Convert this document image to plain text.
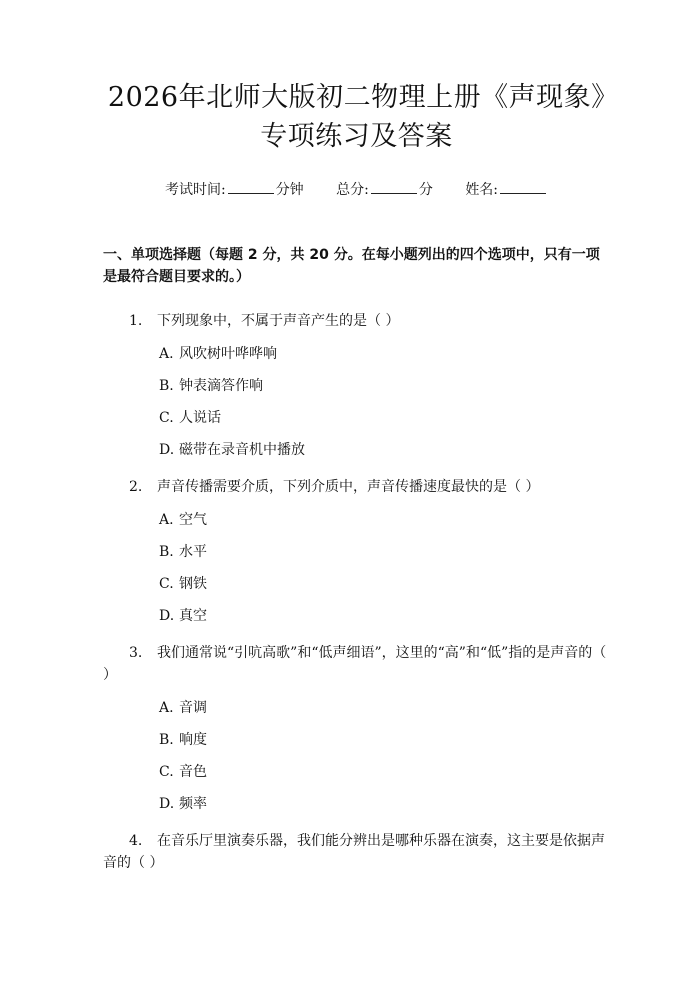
2026年北师大版初二物理上册《声现象》专项练习及答案
考试时间:	分钟 总分:	分 姓名:
一、单项选择题（每题 2 分，共 20 分。在每小题列出的四个选项中，只有一项是最符合题目要求的。）
1. 下列现象中，不属于声音产生的是（ ）
A. 风吹树叶哗哗响
B. 钟表滴答作响
C. 人说话
D. 磁带在录音机中播放
2. 声音传播需要介质，下列介质中，声音传播速度最快的是（ ）
A. 空气
B. 水平
C. 钢铁
D. 真空
3. 我们通常说“引吭高歌”和“低声细语”，这里的“高”和“低”指的是声音的（ ）
A. 音调
B. 响度
C. 音色
D. 频率
4. 在音乐厅里演奏乐器，我们能分辨出是哪种乐器在演奏，这主要是依据声音的（ ）
